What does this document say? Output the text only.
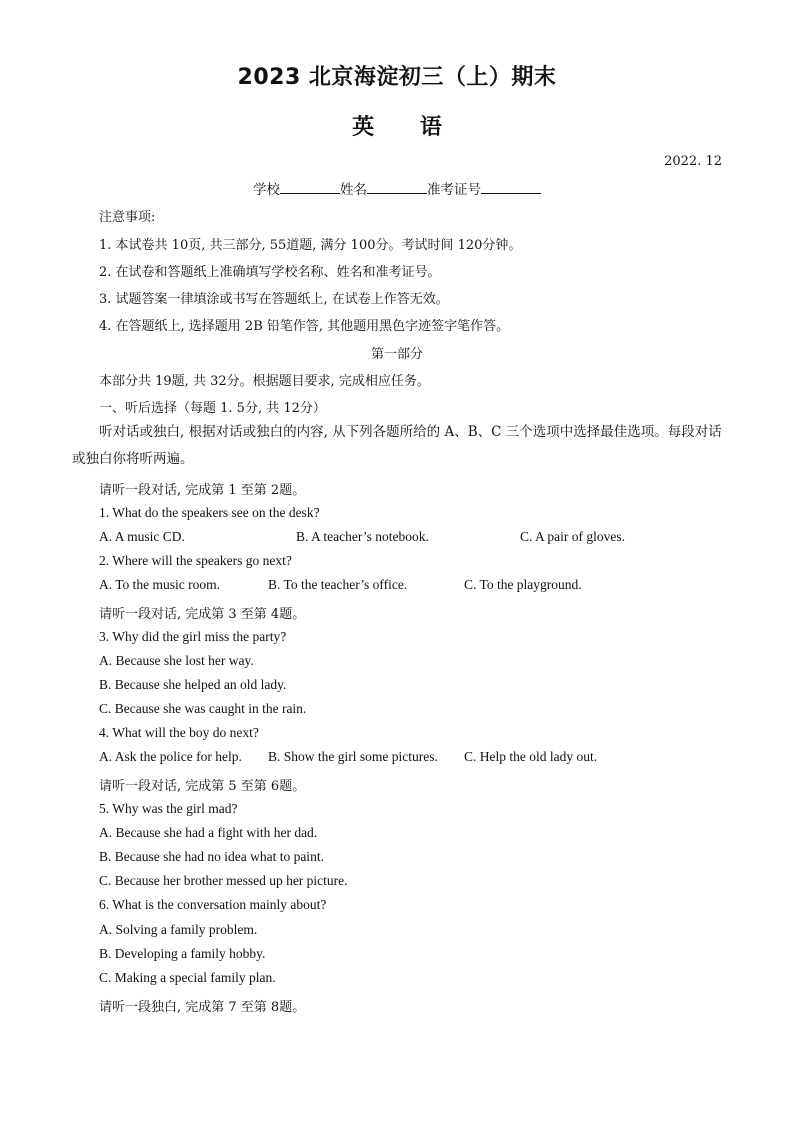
2023 北京海淀初三（上）期末
英 语
2022. 12
学校	姓名	准考证号
注意事项:
1. 本试卷共 10页, 共三部分, 55道题, 满分 100分。考试时间 120分钟。
2. 在试卷和答题纸上准确填写学校名称、姓名和准考证号。
3. 试题答案一律填涂或书写在答题纸上, 在试卷上作答无效。
4. 在答题纸上, 选择题用 2B 铅笔作答, 其他题用黑色字迹签字笔作答。
第一部分
本部分共 19题, 共 32分。根据题目要求, 完成相应任务。
一、听后选择（每题 1. 5分, 共 12分）
听对话或独白, 根据对话或独白的内容, 从下列各题所给的 A、B、C 三个选项中选择最佳选项。每段对话或独白你将听两遍。
请听一段对话, 完成第 1 至第 2题。
1. What do the speakers see on the desk?
A. A music CD.	B. A teacher’s notebook.	C. A pair of gloves.
2. Where will the speakers go next?
A. To the music room.	B. To the teacher’s office.	C. To the playground.
请听一段对话, 完成第 3 至第 4题。
3. Why did the girl miss the party?
A. Because she lost her way.
B. Because she helped an old lady.
C. Because she was caught in the rain.
4. What will the boy do next?
A. Ask the police for help. B. Show the girl some pictures. C. Help the old lady out.
请听一段对话, 完成第 5 至第 6题。
5. Why was the girl mad?
A. Because she had a fight with her dad.
B. Because she had no idea what to paint.
C. Because her brother messed up her picture.
6. What is the conversation mainly about?
A. Solving a family problem.
B. Developing a family hobby.
C. Making a special family plan.
请听一段独白, 完成第 7 至第 8题。
